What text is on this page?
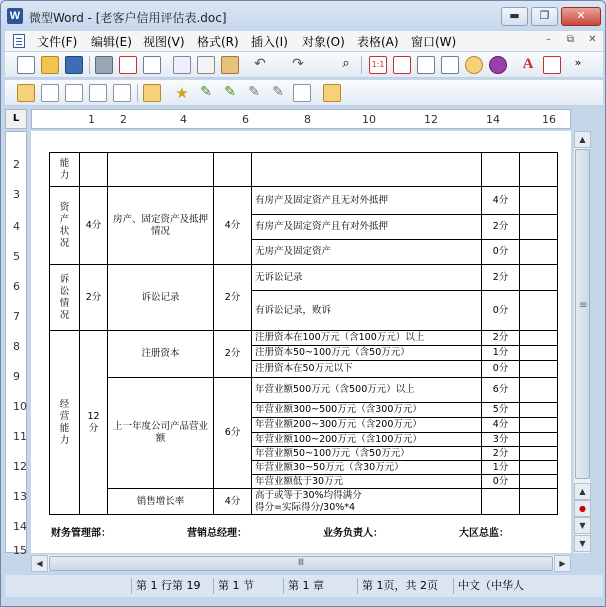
W 微型Word - [老客户信用评估表.doc]	▬	❐	✕
文件(F) 编辑(E) 视图(V) 格式(R) 插入(I) 对象(O) 表格(A) 窗口(W)	–	⧉	✕
↶ ↷	⌕	1:1	A	»
★ ✎ ✎ ✎ ✎
L	1 2	4	6	8	10	12	14	16
2
3
4
5
6
7
8
9
10
11
12
13
14
15
能
力						
资
产
状
况	4分	房产、固定资产及抵押情况	4分	有房产及固定资产且无对外抵押	4分	
				有房产及固定资产且有对外抵押	2分	
				无房产及固定资产	0分	
诉
讼
情
况	2分	诉讼记录	2分	无诉讼记录	2分	
				有诉讼记录，败诉	0分	
经
营
能
力	12分	注册资本	2分	注册资本在100万元（含100万元）以上	2分	
				注册资本50~100万元（含50万元）	1分	
				注册资本在50万元以下	0分	
		上一年度公司产品营业额	6分	年营业额500万元（含500万元）以上	6分	
				年营业额300~500万元（含300万元）	5分	
				年营业额200~300万元（含200万元）	4分	
				年营业额100~200万元（含100万元）	3分	
				年营业额50~100万元（含50万元）	2分	
				年营业额30~50万元（含30万元）	1分	
				年营业额低于30万元	0分	
		销售增长率	4分	高于或等于30%均得满分
得分=实际得分/30%*4		
财务管理部：	营销总经理：	业务负责人：	大区总监：
▲
≡
▲
●
▼
▼
◀	Ⅲ	▶
第 1 行第 19	第 1 节	第 1 章	第 1页，共 2页	中文（中华人
